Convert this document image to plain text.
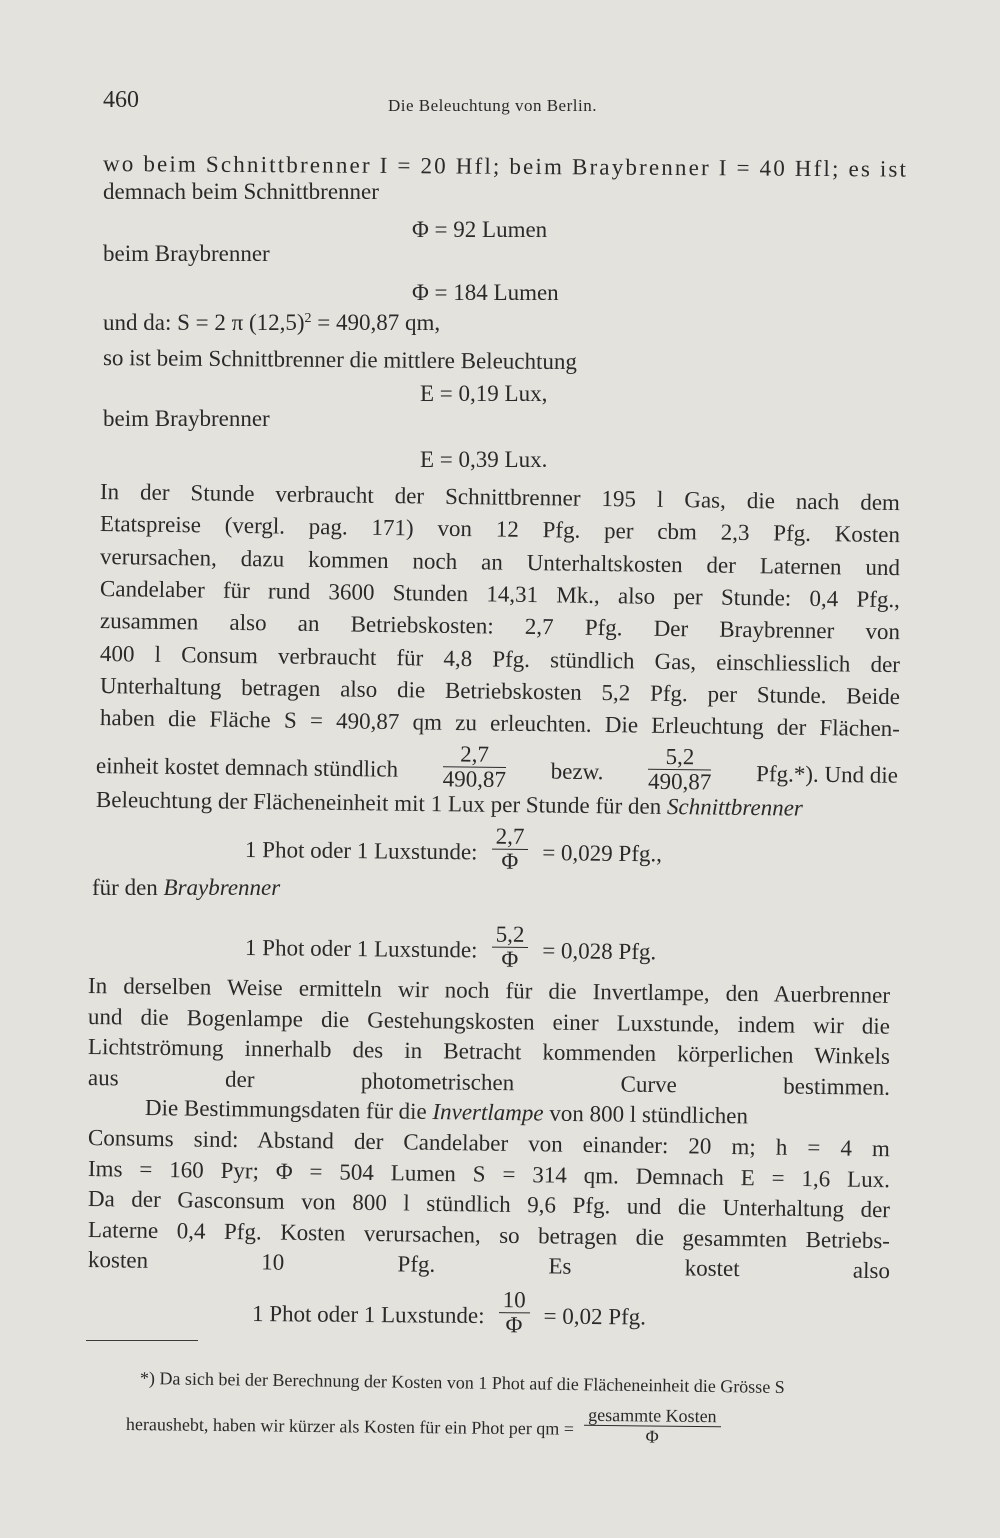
460	Die Beleuchtung von Berlin.
wo beim Schnittbrenner I = 20 Hfl; beim Braybrenner I = 40 Hfl; es ist
demnach beim Schnittbrenner
Φ = 92 Lumen
beim Braybrenner
Φ = 184 Lumen
und da: S = 2 π $(12,5)^2 = 490,87$ qm,
so ist beim Schnittbrenner die mittlere Beleuchtung
E = 0,19 Lux,
beim Braybrenner
E = 0,39 Lux.
In der Stunde verbraucht der Schnittbrenner 195 l Gas, die nach dem
Etatspreise (vergl. pag. 171) von 12 Pfg. per cbm 2,3 Pfg. Kosten
verursachen, dazu kommen noch an Unterhaltskosten der Laternen und
Candelaber für rund 3600 Stunden 14,31 Mk., also per Stunde: 0,4 Pfg.,
zusammen also an Betriebskosten: 2,7 Pfg. Der Braybrenner von
400 l Consum verbraucht für 4,8 Pfg. stündlich Gas, einschliesslich der
Unterhaltung betragen also die Betriebskosten 5,2 Pfg. per Stunde. Beide
haben die Fläche S = 490,87 qm zu erleuchten. Die Erleuchtung der Flächen-
einheit kostet demnach stündlich $\frac{2,7}{490,87}$ bezw. $\frac{5,2}{490,87} Pfg.*$). Und die
Beleuchtung der Flächeneinheit mit 1 Lux per Stunde für den Schnittbrenner
1 Phot oder 1 Luxstunde: $\frac{2,7}{\Phi} = 0,029$ Pfg.,
für den Braybrenner
1 Phot oder 1 Luxstunde: $\frac{5,2}{\Phi} = 0,028$ Pfg.
In derselben Weise ermitteln wir noch für die Invertlampe, den Auerbrenner
und die Bogenlampe die Gestehungskosten einer Luxstunde, indem wir die
Lichtströmung innerhalb des in Betracht kommenden körperlichen Winkels
aus der photometrischen Curve bestimmen.
Die Bestimmungsdaten für die Invertlampe von 800 l stündlichen
Consums sind: Abstand der Candelaber von einander: 20 m; h = 4 m
Ims = 160 Pyr; Φ = 504 Lumen S = 314 qm. Demnach E = 1,6 Lux.
Da der Gasconsum von 800 l stündlich 9,6 Pfg. und die Unterhaltung der
Laterne 0,4 Pfg. Kosten verursachen, so betragen die gesammten Betriebs-
kosten 10 Pfg. Es kostet also
1 Phot oder 1 Luxstunde: $\frac{10}{\Phi} = 0,02$ Pfg.
*) Da sich bei der Berechnung der Kosten von 1 Phot auf die Flächeneinheit die Grösse S
heraushebt, haben wir kürzer als Kosten für ein Phot per qm = $\frac{\text{gesammte Kosten}}{\Phi}$
